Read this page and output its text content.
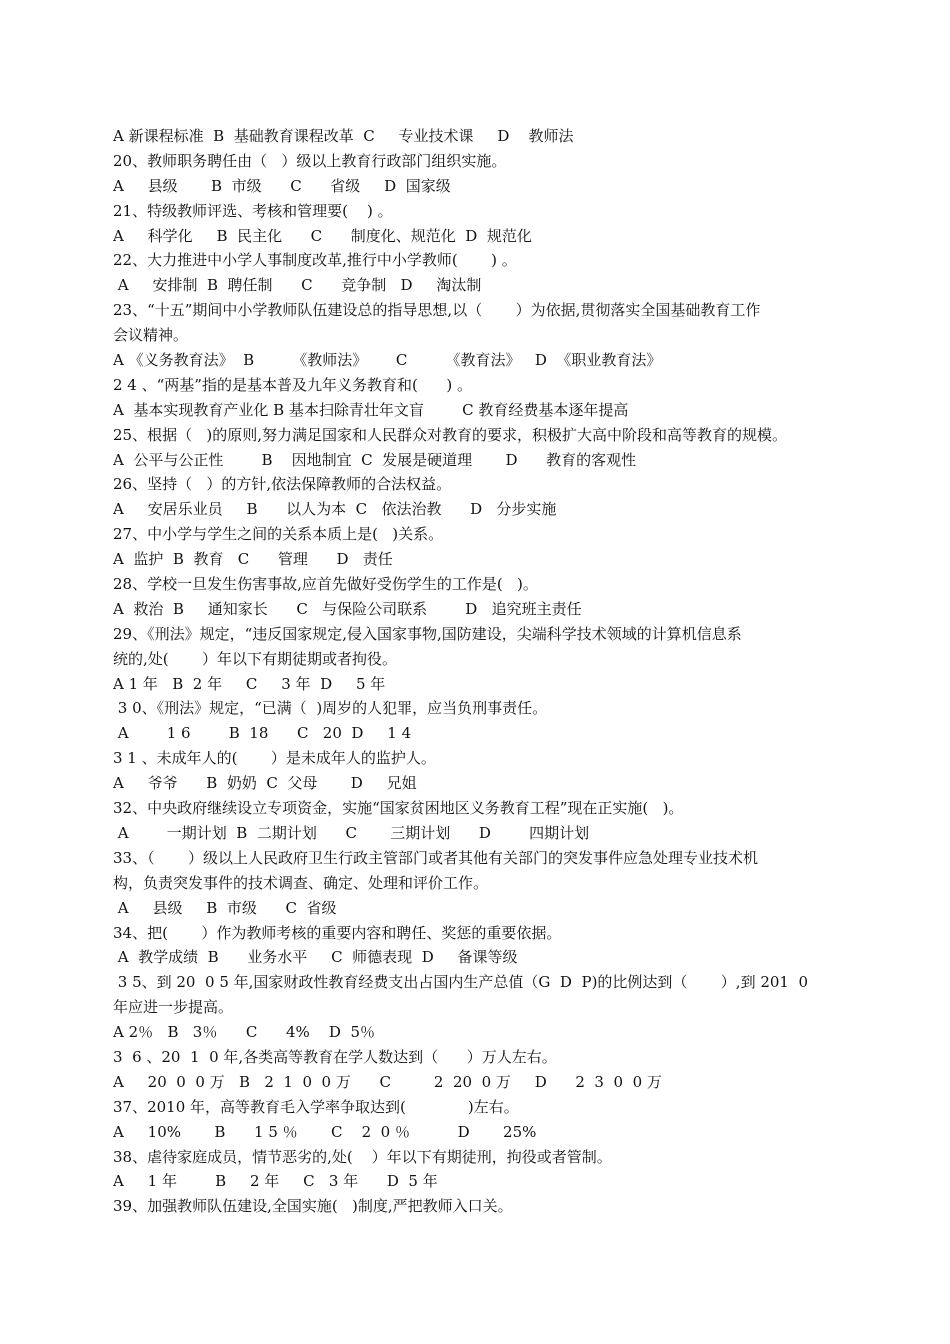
A 新课程标准  B  基础教育课程改革  C     专业技术课     D    教师法
20、教师职务聘任由（   ）级以上教育行政部门组织实施。
A     县级       B  市级      C      省级     D  国家级
21、特级教师评选、考核和管理要(    ) 。
A     科学化     B  民主化      C      制度化、规范化  D  规范化
22、大力推进中小学人事制度改革,推行中小学教师(       ) 。
A     安排制  B  聘任制      C      竞争制   D     淘汰制
23、“十五”期间中小学教师队伍建设总的指导思想,以（       ）为依据,贯彻落实全国基础教育工作
会议精神。
A 《义务教育法》  B        《教师法》      C        《教育法》   D  《职业教育法》
2 4 、“两基”指的是基本普及九年义务教育和(      ) 。
A  基本实现教育产业化 B 基本扫除青壮年文盲        C 教育经费基本逐年提高
25、根据（   )的原则,努力满足国家和人民群众对教育的要求，积极扩大高中阶段和高等教育的规模。
A  公平与公正性        B    因地制宜  C  发展是硬道理       D      教育的客观性
26、坚持（   ）的方针,依法保障教师的合法权益。
A     安居乐业员     B      以人为本  C   依法治教      D   分步实施
27、中小学与学生之间的关系本质上是(   )关系。
A  监护  B  教育   C      管理      D   责任
28、学校一旦发生伤害事故,应首先做好受伤学生的工作是(   )。
A  救治  B     通知家长      C   与保险公司联系        D   追究班主责任
29、《刑法》规定，“违反国家规定,侵入国家事物,国防建设，尖端科学技术领域的计算机信息系
统的,处(       ）年以下有期徒期或者拘役。
A 1 年   B  2 年     C     3 年  D     5 年
3 0、《刑法》规定，“已满（  )周岁的人犯罪，应当负刑事责任。
A        1 6        B  18      C   20  D     1 4
3 1 、未成年人的(       ）是未成年人的监护人。
A     爷爷      B  奶奶  C  父母       D     兄姐
32、中央政府继续设立专项资金，实施“国家贫困地区义务教育工程”现在正实施(   )。
A        一期计划  B  二期计划      C       三期计划      D        四期计划
33、（       ）级以上人民政府卫生行政主管部门或者其他有关部门的突发事件应急处理专业技术机
构，负责突发事件的技术调查、确定、处理和评价工作。
A     县级     B  市级      C  省级
34、把(       ）作为教师考核的重要内容和聘任、奖惩的重要依据。
A  教学成绩  B      业务水平     C  师德表现  D     备课等级
3 5、到 20  0 5 年,国家财政性教育经费支出占国内生产总值（G  D  P)的比例达到（       ）,到 201  0
年应进一步提高。
A 2％   B   3％      C      4%    D  5％
3  6 、20  1  0 年,各类高等教育在学人数达到（      ）万人左右。
A     20  0  0 万   B   2  1  0  0 万      C         2  20  0 万     D      2  3  0  0 万
37、2010 年，高等教育毛入学率争取达到(             )左右。
A     10%       B      1 5 ％       C    2  0 ％          D       25%
38、虐待家庭成员，情节恶劣的,处(    ）年以下有期徒刑，拘役或者管制。
A     1 年        B     2 年     C   3 年      D  5 年
39、加强教师队伍建设,全国实施(   )制度,严把教师入口关。
